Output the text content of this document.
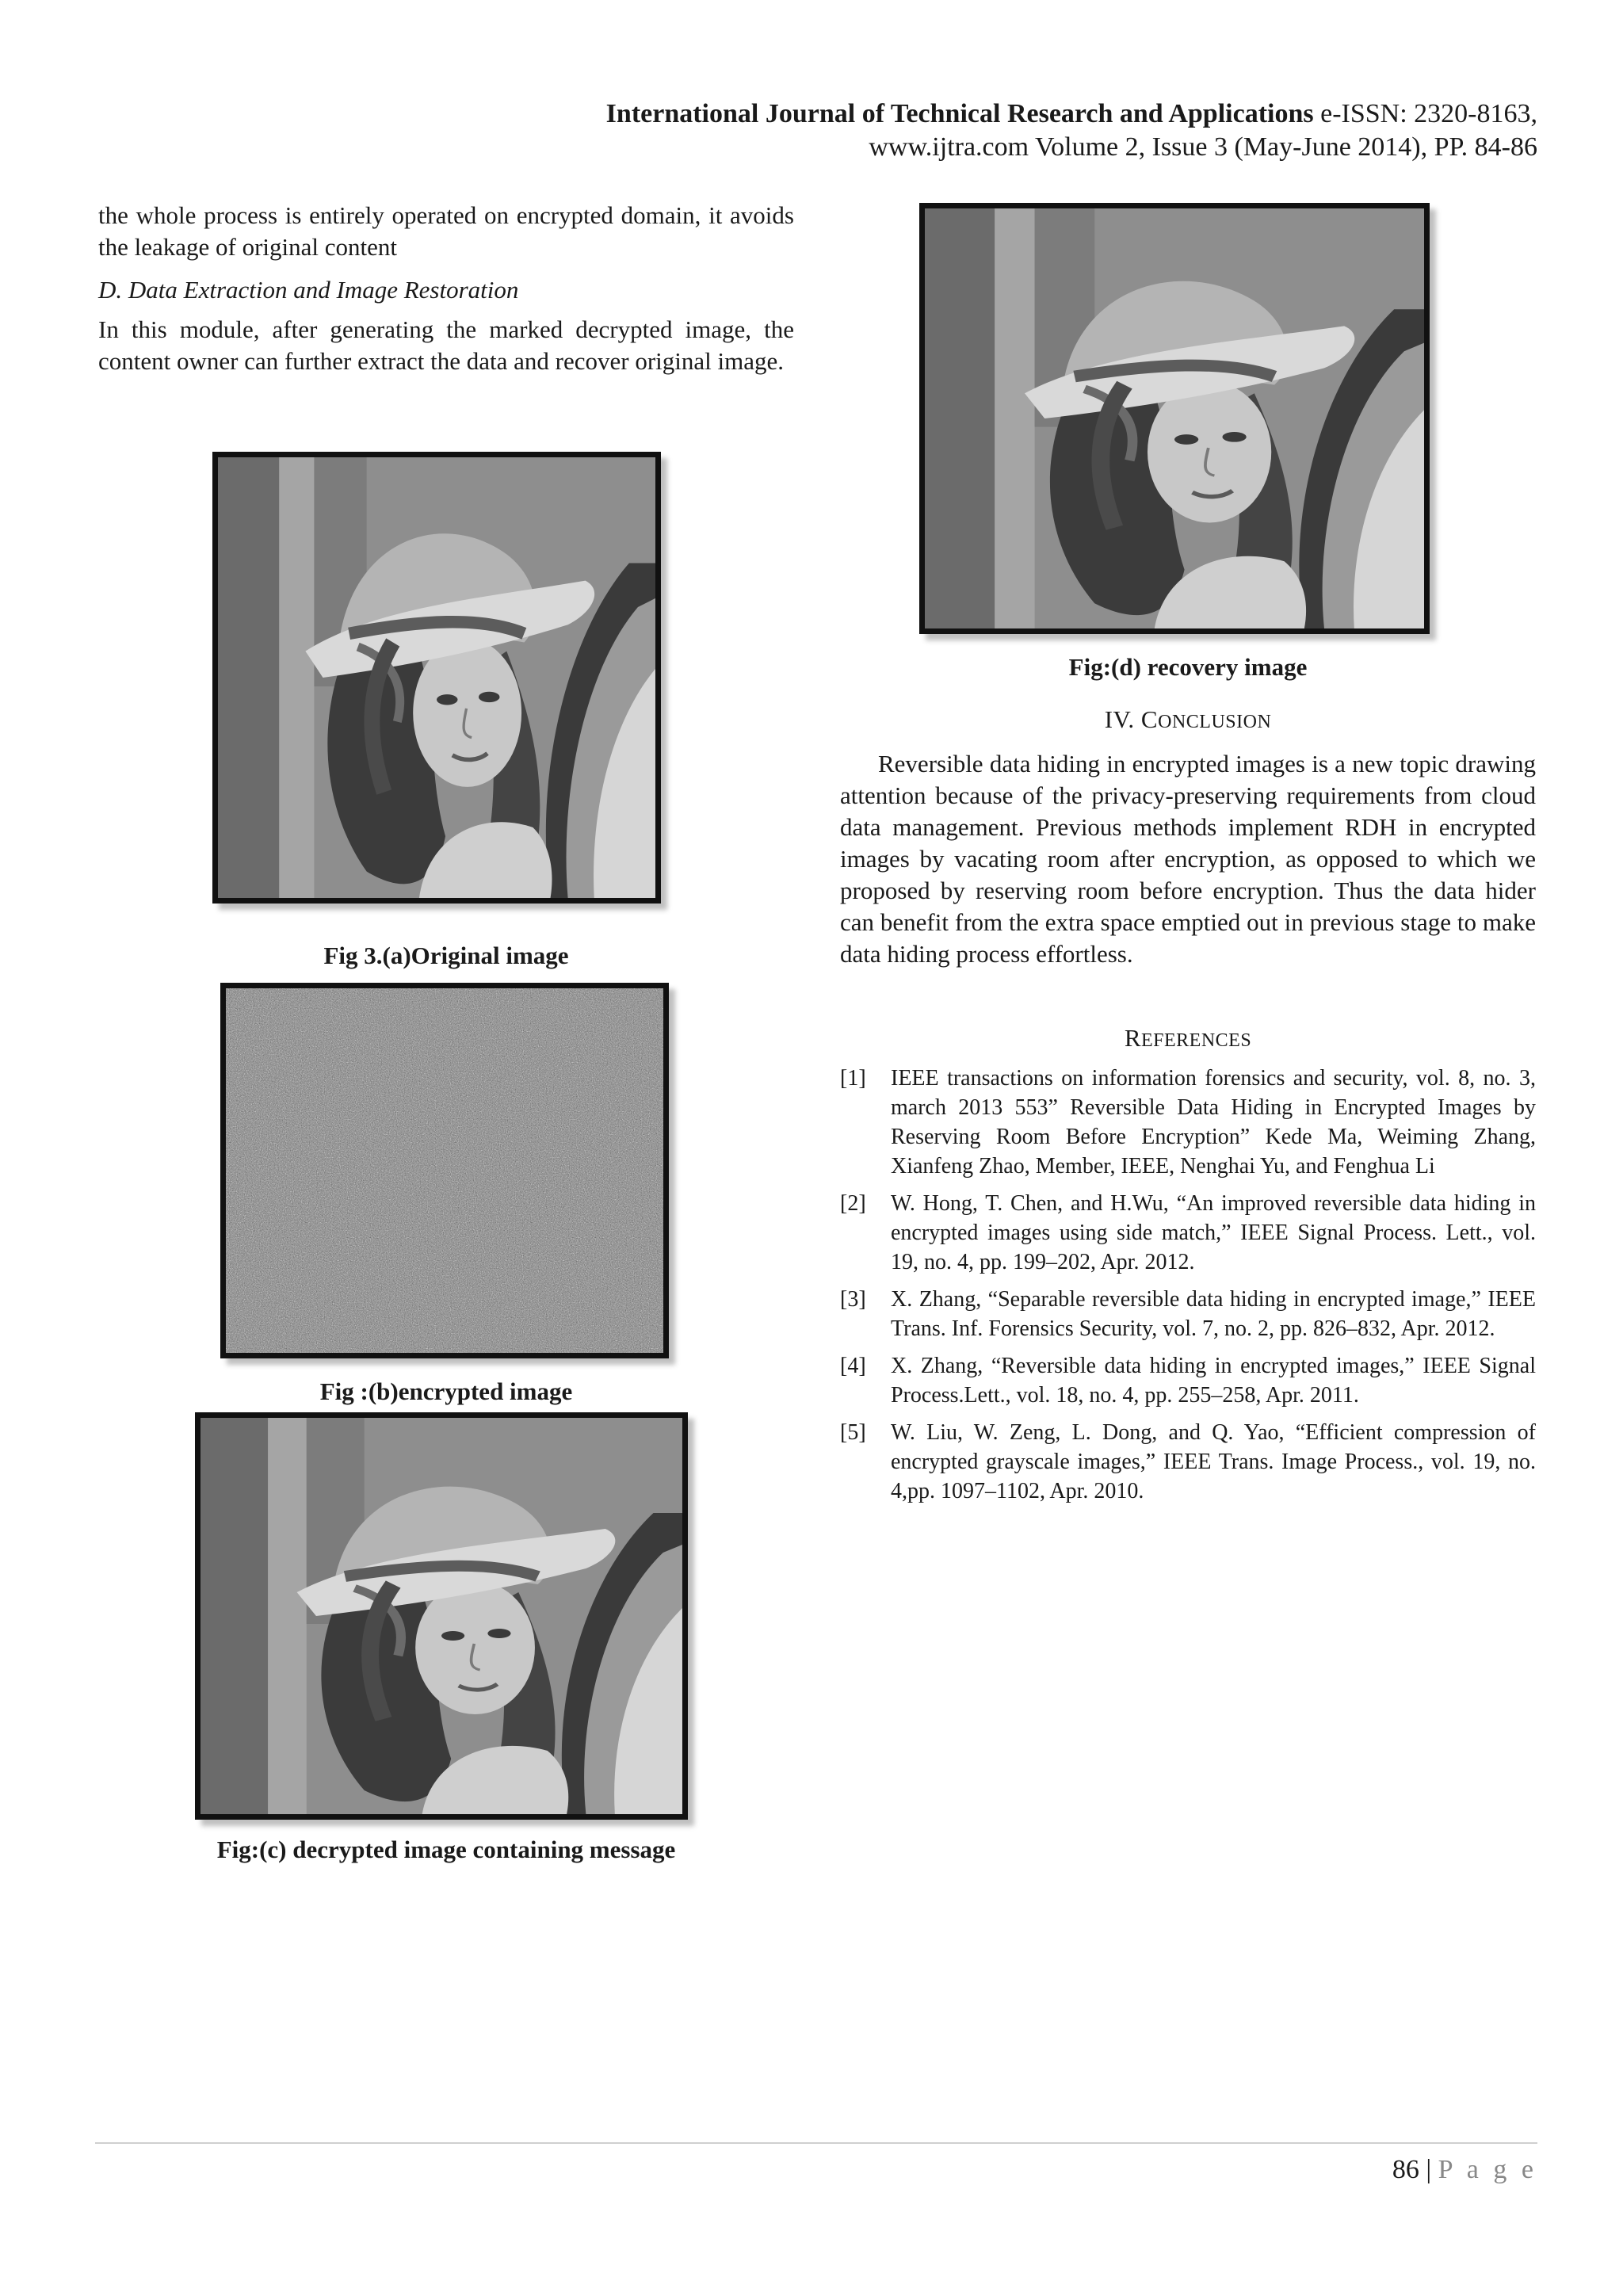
International Journal of Technical Research and Applications e-ISSN: 2320-8163,
www.ijtra.com Volume 2, Issue 3 (May-June 2014), PP. 84-86

the whole process is entirely operated on encrypted domain, it avoids the leakage of original content

D. Data Extraction and Image Restoration

In this module, after generating the marked decrypted image, the content owner can further extract the data and recover original image.

Fig 3.(a)Original image
Fig :(b)encrypted image
Fig:(c) decrypted image containing message
Fig:(d) recovery image
IV. CONCLUSION

Reversible data hiding in encrypted images is a new topic drawing attention because of the privacy-preserving requirements from cloud data management. Previous methods implement RDH in encrypted images by vacating room after encryption, as opposed to which we proposed by reserving room before encryption. Thus the data hider can benefit from the extra space emptied out in previous stage to make data hiding process effortless.

REFERENCES
[1] IEEE transactions on information forensics and security, vol. 8, no. 3, march 2013 553” Reversible Data Hiding in Encrypted Images by Reserving Room Before Encryption” Kede Ma, Weiming Zhang, Xianfeng Zhao, Member, IEEE, Nenghai Yu, and Fenghua Li
[2] W. Hong, T. Chen, and H.Wu, “An improved reversible data hiding in encrypted images using side match,” IEEE Signal Process. Lett., vol. 19, no. 4, pp. 199–202, Apr. 2012.
[3] X. Zhang, “Separable reversible data hiding in encrypted image,” IEEE Trans. Inf. Forensics Security, vol. 7, no. 2, pp. 826–832, Apr. 2012.
[4] X. Zhang, “Reversible data hiding in encrypted images,” IEEE Signal Process.Lett., vol. 18, no. 4, pp. 255–258, Apr. 2011.
[5] W. Liu, W. Zeng, L. Dong, and Q. Yao, “Efficient compression of encrypted grayscale images,” IEEE Trans. Image Process., vol. 19, no. 4,pp. 1097–1102, Apr. 2010.
86 | P a g e
